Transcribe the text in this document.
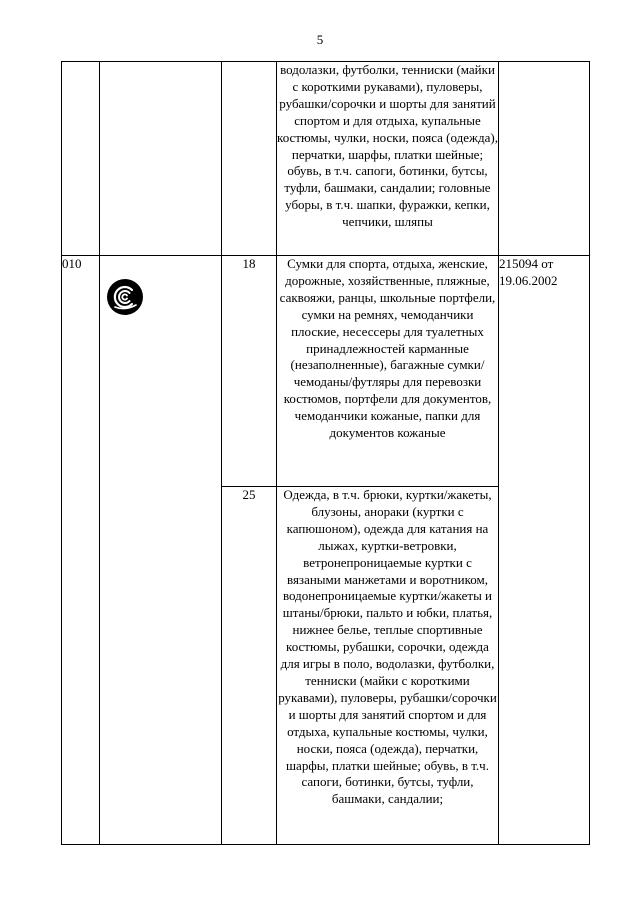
5
			водолазки, футболки, тенниски (майки с короткими рукавами), пуловеры, рубашки/сорочки и шорты для занятий спортом и для отдыха, купальные костюмы, чулки, носки, пояса (одежда), перчатки, шарфы, платки шейные; обувь, в т.ч. сапоги, ботинки, бутсы, туфли, башмаки, сандалии; головные уборы, в т.ч. шапки, фуражки, кепки, чепчики, шляпы	
010		18	Сумки для спорта, отдыха, женские, дорожные, хозяйственные, пляжные, саквояжи, ранцы, школьные портфели, сумки на ремнях, чемоданчики плоские, несессеры для туалетных принадлежностей карманные (незаполненные), багажные сумки/чемоданы/футляры для перевозки костюмов, портфели для документов, чемоданчики кожаные, папки для документов кожаные	215094 от 19.06.2002
		25	Одежда, в т.ч. брюки, куртки/жакеты, блузоны, анораки (куртки с капюшоном), одежда для катания на лыжах, куртки-ветровки, ветронепроницаемые куртки с вязаными манжетами и воротником, водонепроницаемые куртки/жакеты и штаны/брюки, пальто и юбки, платья, нижнее белье, теплые спортивные костюмы, рубашки, сорочки, одежда для игры в поло, водолазки, футболки, тенниски (майки с короткими рукавами), пуловеры, рубашки/сорочки и шорты для занятий спортом и для отдыха, купальные костюмы, чулки, носки, пояса (одежда), перчатки, шарфы, платки шейные; обувь, в т.ч. сапоги, ботинки, бутсы, туфли, башмаки, сандалии;	
